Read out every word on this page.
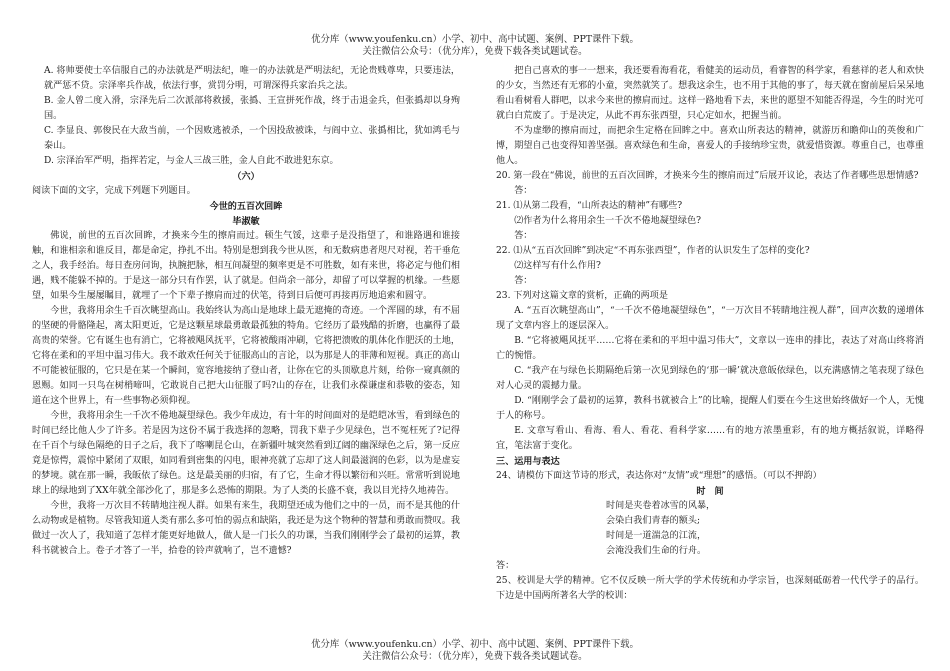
优分库（www.youfenku.cn）小学、初中、高中试题、案例、PPT课件下载。
关注微信公众号：（优分库），免费下载各类试题试卷。

A. 将帅要使士卒信服自己的办法就是严明法纪，唯一的办法就是严明法纪，无论贵贱尊卑，只要违法，就严惩不贷。宗泽率兵作战，依法行事，赏罚分明，可谓深得兵家治兵之法。

B. 金人曾二度入滑，宗泽先后二次派部将救援，张撝、王宣拼死作战，终于击退金兵，但张撝却以身殉国。

C. 李显良、郭俊民在大敌当前，一个因败逃被杀，一个因投敌被诛，与阎中立、张撝相比，犹如鸿毛与泰山。

D. 宗泽治军严明，指挥若定，与金人三战三胜，金人自此不敢进犯东京。

（六）

阅读下面的文字，完成下列题下列题目。

今世的五百次回眸

毕淑敏

佛说，前世的五百次回眸，才换来今生的擦肩而过。顿生气馁，这辈子是没指望了，和谁路遇和谁接触，和谁相亲和谁反目，都是命定，挣扎不出。特别是想到我今世从医，和无数病患者咫尺对视，若干垂危之人，我手经治。每日查房问询，执腕把脉，相互间凝望的频率更是不可胜数，如有来世，将必定与他们相遇，贱不能躲不掉的。于是这一部分只有作罢，认了就是。但尚余一部分，却留了可以掌握的机缘。一些愿望，如果今生屡屡瞩目，就埋了一个下辈子擦肩而过的伏笔，待到日后便可再接再厉地追索和圆守。

今世，我将用余生千百次眺望高山。我始终认为高山是地球上最无遮掩的奇迹。一个浑圆的球，有不屈的坚硬的骨骼隆起，离太阳更近，它是这颗星球最勇敢最孤独的特角。它经历了最残酷的折磨，也赢得了最高贵的荣誉。它有诞生也有消亡，它将被飓风抚平，它将被酸雨冲刷，它将把溃败的肌体化作肥沃的土地，它将在柔和的平坦中温习伟大。我不敢欢任何关于征服高山的言论，以为那是人的菲薄和短视。真正的高山不可能被征服的，它只是在某一个瞬间，宽容地接纳了登山者，让你在它的头顶歇息片刻，给你一窥真颜的恩赐。如同一只鸟在树梢啼叫，它敢说自己把大山征服了吗?山的存在，让我们永葆谦虚和恭敬的姿态，知道在这个世界上，有一些事物必须仰视。

今世，我将用余生一千次不倦地凝望绿色。我少年成边，有十年的时间面对的是皑皑冰雪，看到绿色的时间已经比他人少了许多。若是因为这份不属于我选择的忽略，罚我下辈子少见绿色，岂不冤枉死了?记得在千百个与绿色隔绝的日子之后，我下了喀喇昆仑山，在新疆叶城突然看到辽阔的幽深绿色之后，第一反应竟是惊愕，震惊中紧闭了双眼，如同看到密集的闪电，眼神亮就了忘却了这人间最滋润的色彩，以为是虚妄的梦境。就在那一瞬，我皈依了绿色。这是最美丽的归宿，有了它，生命才得以繁衍和兴旺。常常听到说地球上的绿地到了XX年就全部沙化了，那是多么恐怖的期限。为了人类的长盛不衰，我以目光持久地祷告。

今世，我将一万次目不转睛地注视人群。如果有来生，我期望还成为他们之中的一员，而不是其他的什么动物或是植物。尽管我知道人类有那么多可怕的弱点和缺陷，我还是为这个物种的智慧和勇敢而赞叹。我做过一次人了，我知道了怎样才能更好地做人，做人是一门长久的功课，当我们刚刚学会了最初的运算，教科书就被合上。卷子才答了一半，拾卷的铃声就响了，岂不遗憾?

把自己喜欢的事一一想来，我还要看海看花，看健美的运动员，看睿智的科学家，看慈祥的老人和欢快的少女，当然还有无邪的小童，突然就笑了。想我这余生，也不用于其他的事了，每天就在窗前屋后呆呆地看山看树看人群吧，以求今来世的擦肩而过。这样一路地看下去，来世的愿望不知能否得逞，今生的时光可就白白荒废了。于是决定，从此不再东张西望，只心定如水，把握当前。

不为虚缈的擦肩而过，而把余生定格在回眸之中。喜欢山所表达的精神，就游历和瞻仰山的英俊和广博，期望自己也变得知善坚强。喜欢绿色和生命，喜爱人的手接纳珍宝贵，就爱惜资源。尊重自己，也尊重他人。

20. 第一段在“佛说，前世的五百次回眸，才换来今生的擦肩而过”后展开议论，表达了作者哪些思想情感?

答：

21. ⑴从第二段看，“山所表达的精神”有哪些?

⑵作者为什么将用余生一千次不倦地凝望绿色?

答：

22. ⑴从“五百次回眸”到决定“不再东张西望”，作者的认识发生了怎样的变化?

⑵这样写有什么作用?

答：

23. 下列对这篇文章的赏析，正确的两项是

A. “五百次眺望高山”，“一千次不倦地凝望绿色”，“一万次目不转睛地注视人群”，回声次数的递增体现了文章内容上的逐层深入。

B. “它将被飓风抚平……它将在柔和的平坦中温习伟大”，文章以一连串的排比，表达了对高山终将消亡的惋惜。

C. “我产在与绿色长期隔绝后第一次见到绿色的‘那一瞬’就决意皈依绿色，以充满感情之笔表现了绿色对人心灵的震撼力量。

D. “刚刚学会了最初的运算，教科书就被合上”的比喻，提醒人们要在今生这世始终做好一个人，无愧于人的称号。

E. 文章写看山、看海、看人、看花、看科学家……有的地方浓墨重彩，有的地方概括叙说，详略得宜，笔法富于变化。

三、运用与表达

24、请模仿下面这节诗的形式，表达你对“友情”或“理想”的感悟。（可以不押韵）

时　间

时间是夹卷着冰雪的风暴，

会染白我们青春的额头;

时间是一道湍急的江流，

会淹没我们生命的行舟。

答：

25、校训是大学的精神。它不仅反映一所大学的学术传统和办学宗旨，也深刻砥砺着一代代学子的品行。下边是中国两所著名大学的校训：

优分库（www.youfenku.cn）小学、初中、高中试题、案例、PPT课件下载。
关注微信公众号：（优分库），免费下载各类试题试卷。
